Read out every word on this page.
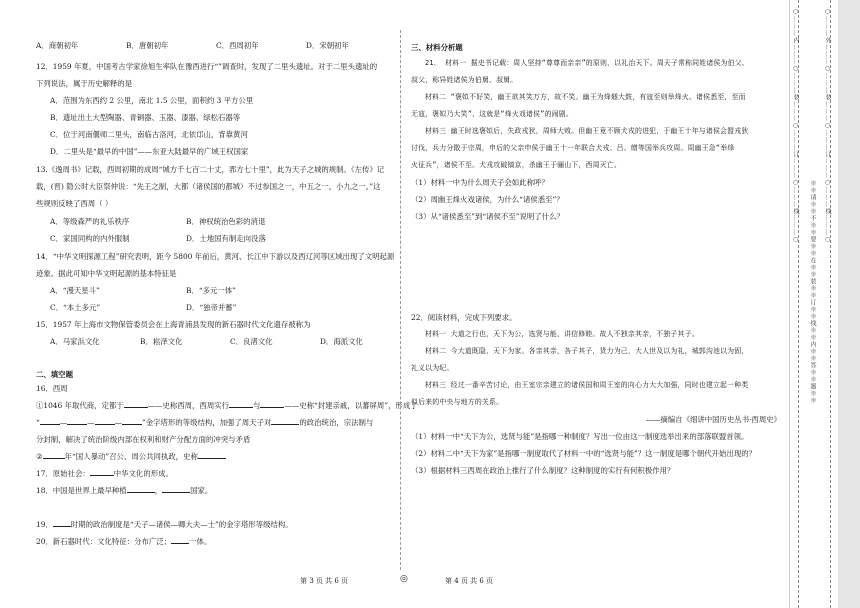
A．商朝初年	B．唐朝初年	C．西周初年	D．宋朝初年
12．1959 年夏，中国考古学家徐旭生率队在豫西进行“”调查时，发现了二里头遗址。对于二里头遗址的
下列说法，属于历史解释的是
A．范围为东西约 2 公里，南北 1.5 公里，面积约 3 平方公里
B．遗址出土大型陶器、青铜器、玉器、漆器、绿松石器等
C．位于河南偃师二里头，南临古洛河，北依邙山，背靠黄河
D．二里头是“最早的中国”——东亚大陆最早的广域王权国家
13.《逸周书》记载，西周初期的成周“城方千七百二十丈，郛方七十里”，此为天子之城的规制。《左传》记
载，(晋) 隐公时大臣祭仲说：“先王之制，大都（诸侯国的都城）不过参国之一，中五之一，小九之一。”这
些规则反映了西周（ ）
A．等级森严的礼乐秩序	B．神权统治色彩的消退
C．家国同构的内外服制	D．土地国有制走向没落
14．“中华文明探源工程”研究表明，距今 5800 年前后，黄河、长江中下游以及西辽河等区域出现了文明起源
迹象。据此可知中华文明起源的基本特征是
A．“漫天星斗”	B．“多元一体”
C．“本土多元”	D．“独帝并蓄”
15．1957 年上海市文物保管委员会在上海青浦县发现的新石器时代文化遗存被称为
A．马家浜文化	B．崧泽文化	C．良渚文化	D．海派文化
二、填空题
16．西周
①1046 年取代商，定都于	——史称西周，西周实行	与	——史称“封建亲戚，以蕃屏周”，形成了
“	—	—	—	”金字塔形的等级结构，加强了周天子对	的政治统治，宗法制与
分封制，解决了统治阶级内部在权利和财产分配方面的冲突与矛盾
②	年“国人暴动”召公、周公共同执政，史称
17．原始社会：	中华文化的形成。
18．中国是世界上最早种植	，	国家。
19． 时期的政治制度是“天子—诸侯—卿大夫—士”的金字塔形等级结构。
20．新石器时代：文化特征：分布广泛； 一体。
三、材料分析题
21． 材料一 据史书记载：周人坚持“尊尊而亲亲”的原则，以礼治天下。周天子常称同姓诸侯为伯父、
叔父，称异姓诸侯为伯舅、叔舅。
材料二 “褒姒不好笑，幽王欲其笑万方，故不笑。幽王为烽燧大鼓，有寇至则举烽火。诸侯悉至，至而
无寇，褒姒乃大笑”，这就是“烽火戏诸侯”的闹剧。
材料三 幽王时选褒姒后，失政戎狄，周师大败。但幽王竟不顾犬戎的进犯，于幽王十年与诸侯会盟戎狄
讨伐，兵力分散于宗周，申后的父亲申侯于幽王十一年联合犬戎、吕、缯等国举兵攻周。周幽王急“举烽
火征兵”，诸侯不至。犬戎攻破镐京，杀幽王于骊山下，西周灭亡。
（1）材料一中为什么周天子会如此称呼？
（2）周幽王烽火戏诸侯，为什么“诸侯悉至”？
（3）从“诸侯悉至”到“诸侯不至”说明了什么？
22．阅读材料，完成下列要求。
材料一 大道之行也，天下为公，选贤与能，讲信修睦。故人不独亲其亲，不独子其子。
材料二 今大道既隐，天下为家。各亲其亲，各子其子，货力为己，大人世及以为礼，城郭沟池以为固，
礼义以为纪。
材料三 经过一番辛苦讨论，由王室宗亲建立的诸侯国和周王室的向心力大大加强，同时也建立起一种类
似后来的中央与地方的关系。
——摘编自《细讲中国历史丛书·西周史》
（1）材料一中“天下为公，选贤与能”是指哪一种制度？写出一位由这一制度选举出来的部落联盟首领。
（2）材料二中“天下为家”是指哪一制度取代了材料一中的“选贤与能”？这一制度是哪个朝代开始出现的？
（3）根据材料三西周在政治上推行了什么制度？这种制度的实行有何积极作用？
第 3 页 共 6 页	◎	第 4 页 共 6 页
○………内………○………装………○………订………○………线………○ ※※请※※不※※要※※在※※装※※订※※线※※内※※答※※题※※
○………外………○………装………○………订………○………线………○
